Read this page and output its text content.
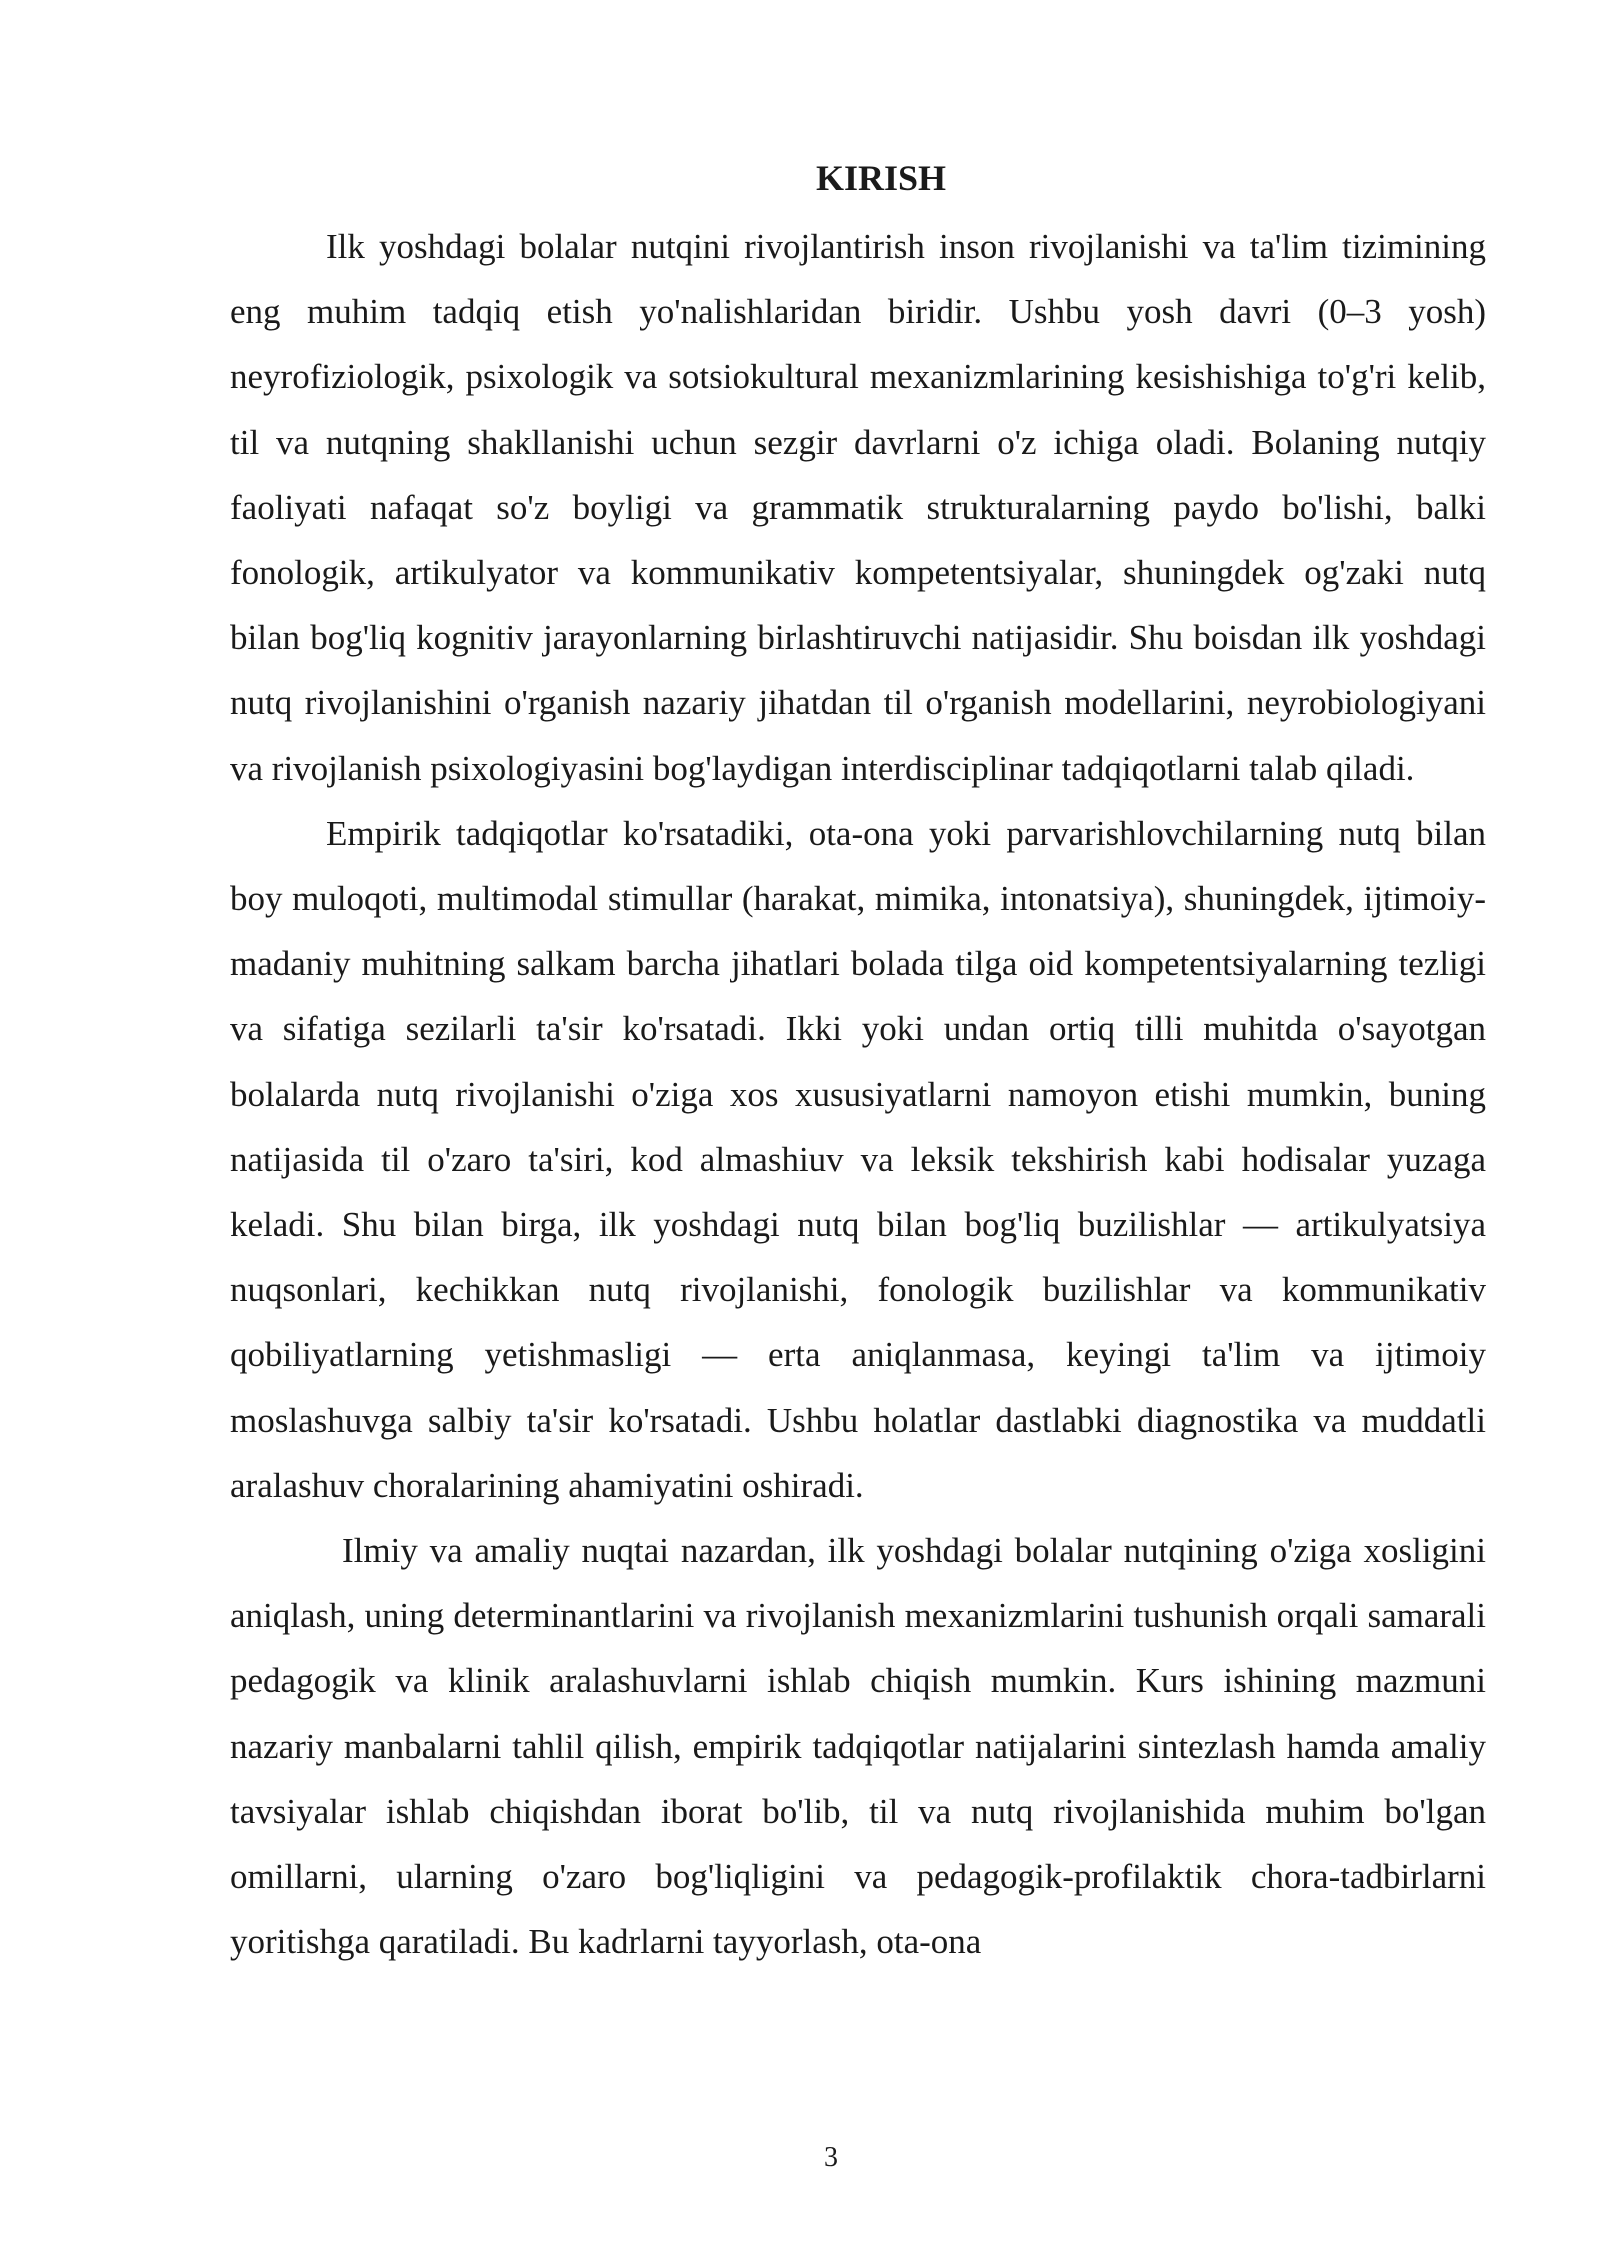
KIRISH

Ilk yoshdagi bolalar nutqini rivojlantirish inson rivojlanishi va ta'lim tizimining eng muhim tadqiq etish yo'nalishlaridan biridir. Ushbu yosh davri (0–3 yosh) neyrofiziologik, psixologik va sotsiokultural mexanizmlarining kesishishiga to'g'ri kelib, til va nutqning shakllanishi uchun sezgir davrlarni o'z ichiga oladi. Bolaning nutqiy faoliyati nafaqat so'z boyligi va grammatik strukturalarning paydo bo'lishi, balki fonologik, artikulyator va kommunikativ kompetentsiyalar, shuningdek og'zaki nutq bilan bog'liq kognitiv jarayonlarning birlashtiruvchi natijasidir. Shu boisdan ilk yoshdagi nutq rivojlanishini o'rganish nazariy jihatdan til o'rganish modellarini, neyrobiologiyani va rivojlanish psixologiyasini bog'laydigan interdisciplinar tadqiqotlarni talab qiladi.

Empirik tadqiqotlar ko'rsatadiki, ota-ona yoki parvarishlovchilarning nutq bilan boy muloqoti, multimodal stimullar (harakat, mimika, intonatsiya), shuningdek, ijtimoiy-madaniy muhitning salkam barcha jihatlari bolada tilga oid kompetentsiyalarning tezligi va sifatiga sezilarli ta'sir ko'rsatadi. Ikki yoki undan ortiq tilli muhitda o'sayotgan bolalarda nutq rivojlanishi o'ziga xos xususiyatlarni namoyon etishi mumkin, buning natijasida til o'zaro ta'siri, kod almashiuv va leksik tekshirish kabi hodisalar yuzaga keladi. Shu bilan birga, ilk yoshdagi nutq bilan bog'liq buzilishlar — artikulyatsiya nuqsonlari, kechikkan nutq rivojlanishi, fonologik buzilishlar va kommunikativ qobiliyatlarning yetishmasligi — erta aniqlanmasa, keyingi ta'lim va ijtimoiy moslashuvga salbiy ta'sir ko'rsatadi. Ushbu holatlar dastlabki diagnostika va muddatli aralashuv choralarining ahamiyatini oshiradi.

Ilmiy va amaliy nuqtai nazardan, ilk yoshdagi bolalar nutqining o'ziga xosligini aniqlash, uning determinantlarini va rivojlanish mexanizmlarini tushunish orqali samarali pedagogik va klinik aralashuvlarni ishlab chiqish mumkin. Kurs ishining mazmuni nazariy manbalarni tahlil qilish, empirik tadqiqotlar natijalarini sintezlash hamda amaliy tavsiyalar ishlab chiqishdan iborat bo'lib, til va nutq rivojlanishida muhim bo'lgan omillarni, ularning o'zaro bog'liqligini va pedagogik-profilaktik chora-tadbirlarni yoritishga qaratiladi. Bu kadrlarni tayyorlash, ota-ona

3
